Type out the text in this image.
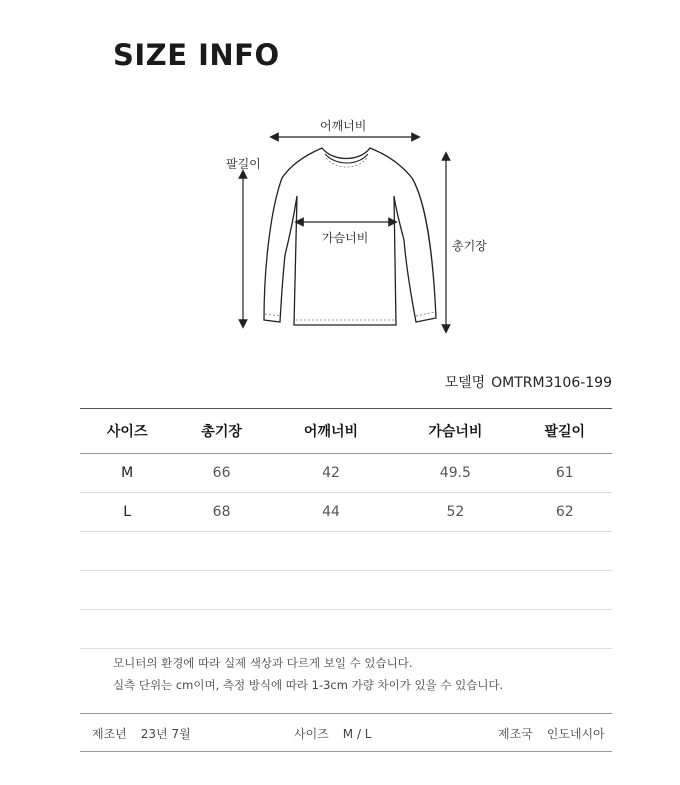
SIZE INFO
어깨너비
팔길이
가슴너비
총기장
모델명 OMTRM3106-199
사이즈	총기장	어깨너비	가슴너비	팔길이
M	66	42	49.5	61
L	68	44	52	62

모니터의 환경에 따라 실제 색상과 다르게 보일 수 있습니다.
실측 단위는 cm이며, 측정 방식에 따라 1-3cm 가량 차이가 있을 수 있습니다.
제조년 23년 7월	사이즈 M / L	제조국 인도네시아
